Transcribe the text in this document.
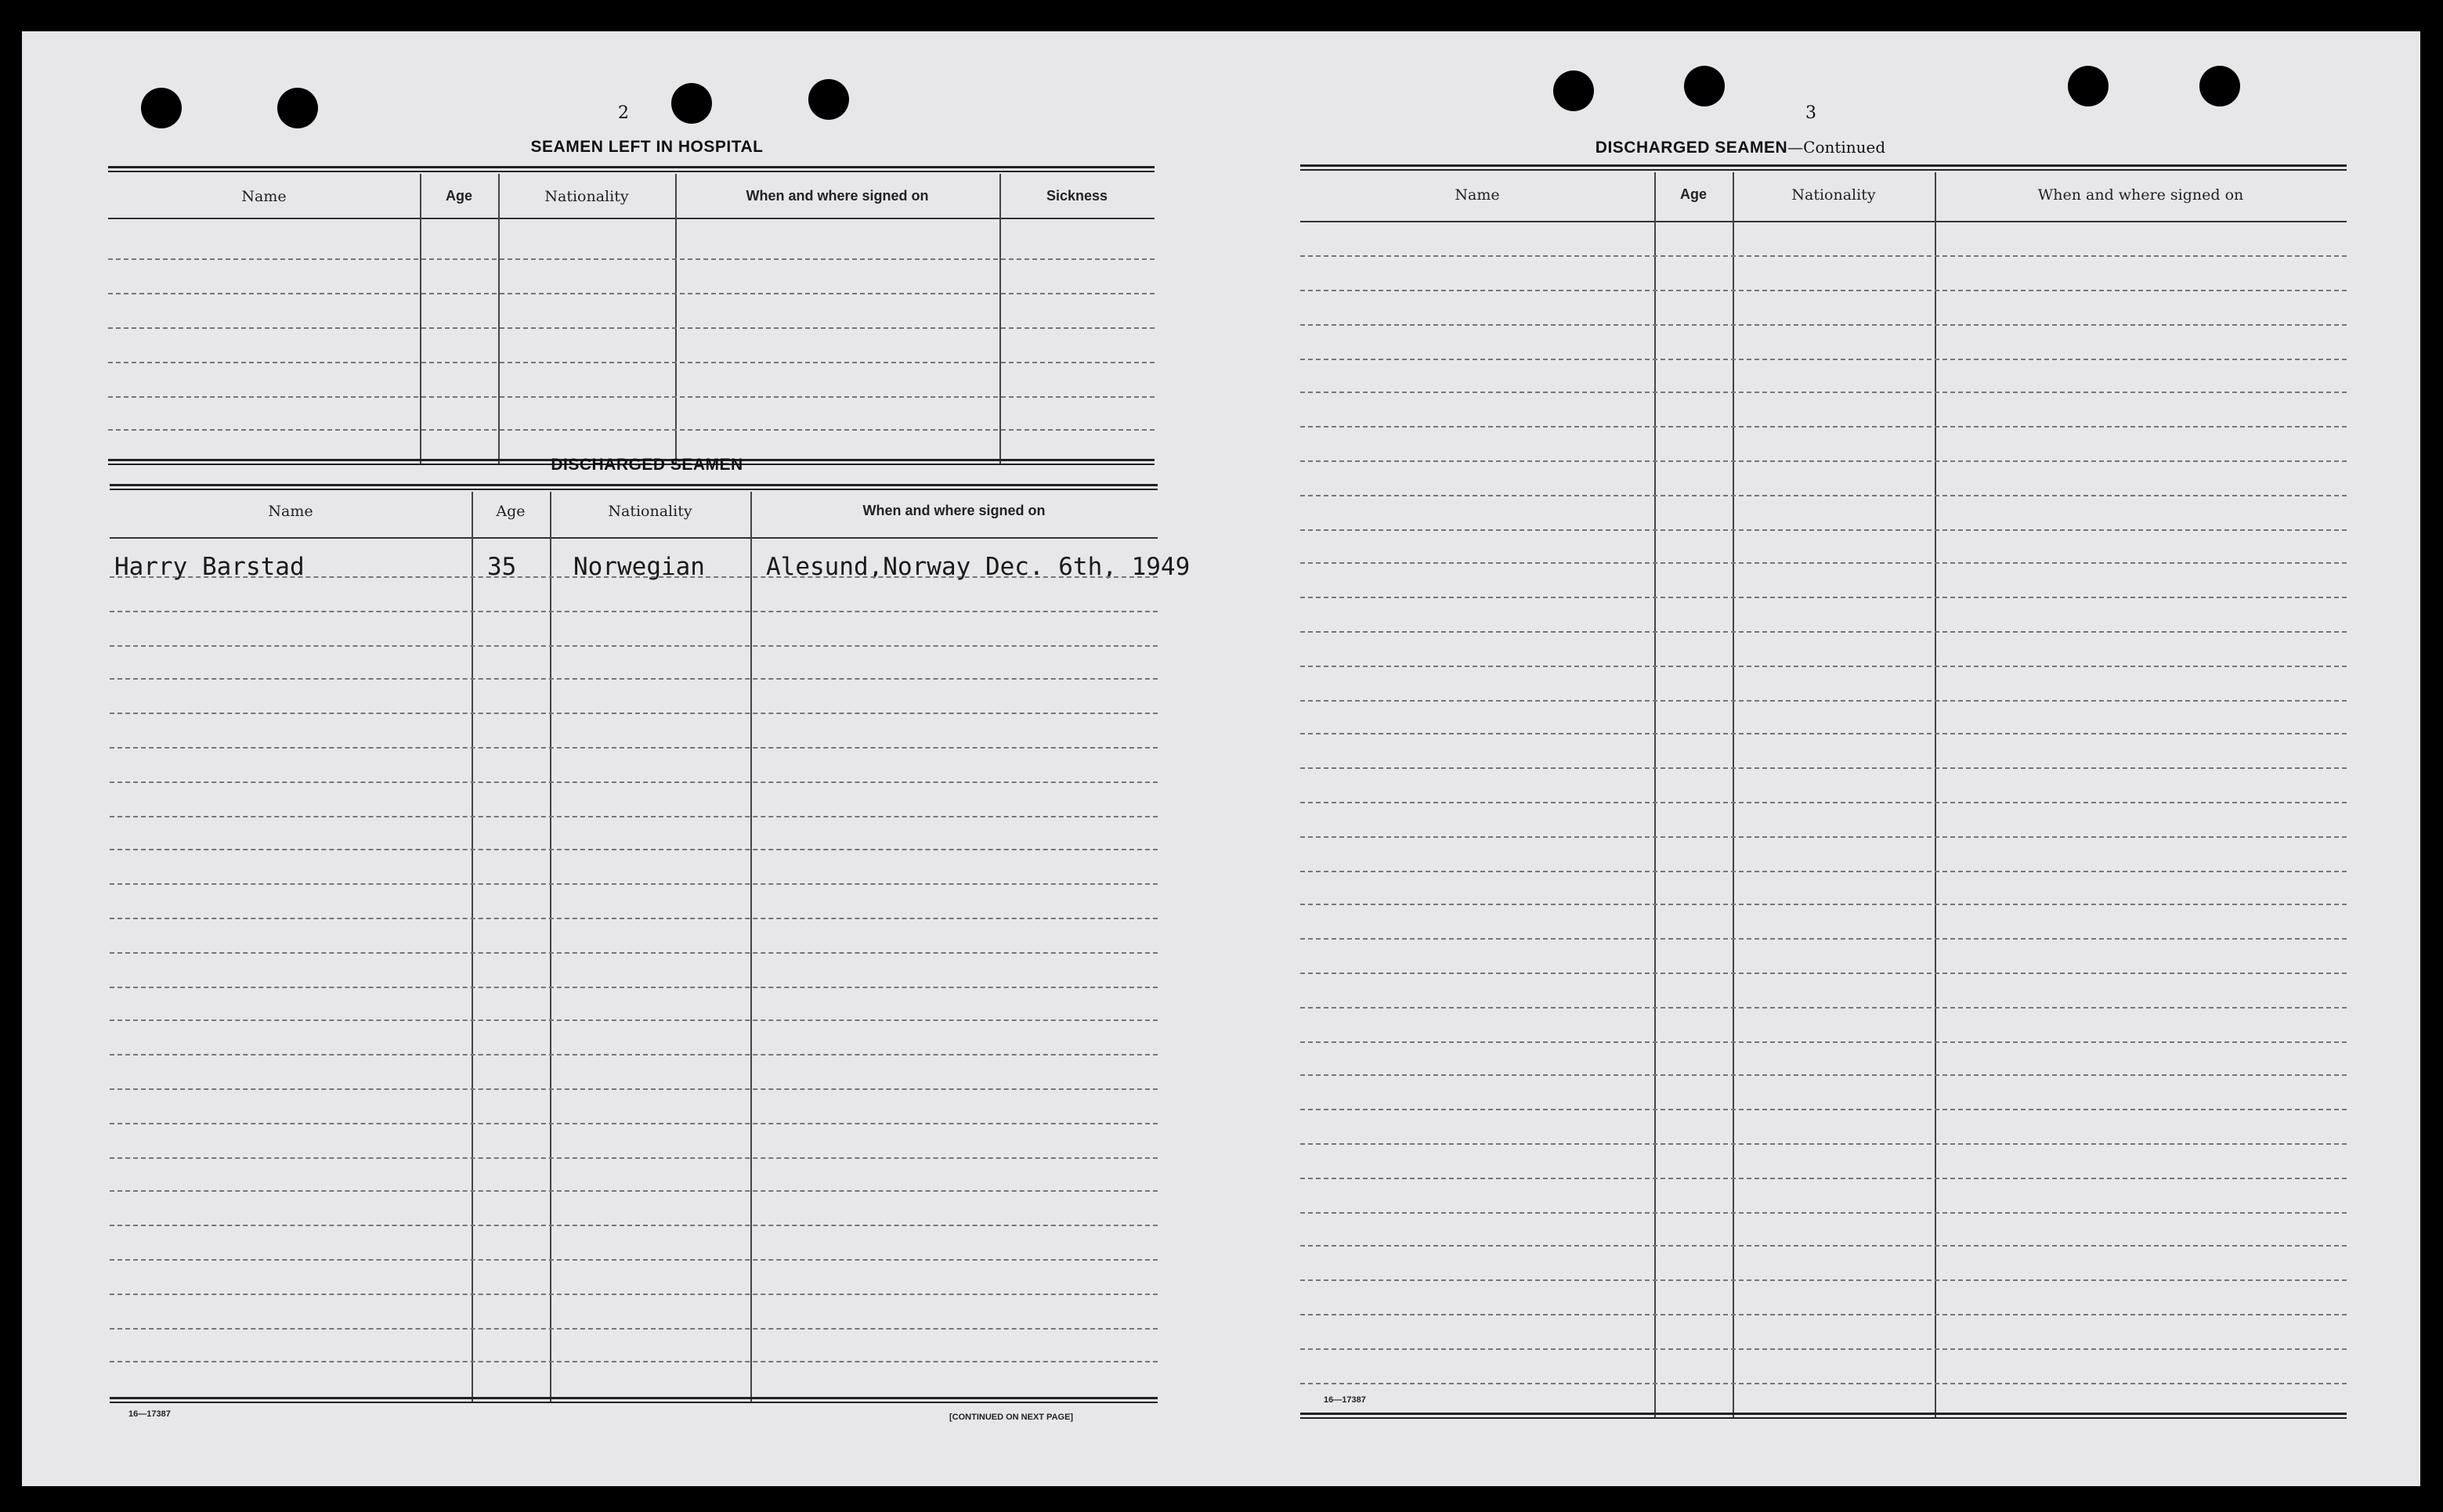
2
SEAMEN LEFT IN HOSPITAL
Name	Age	Nationality	When and where signed on	Sickness
DISCHARGED SEAMEN
Name	Age	Nationality	When and where signed on
Harry Barstad	35 Norwegian	Alesund,Norway Dec. 6th, 1949
16—17387	[CONTINUED ON NEXT PAGE]
3
DISCHARGED SEAMEN—Continued
Name	Age	Nationality	When and where signed on
16—17387
